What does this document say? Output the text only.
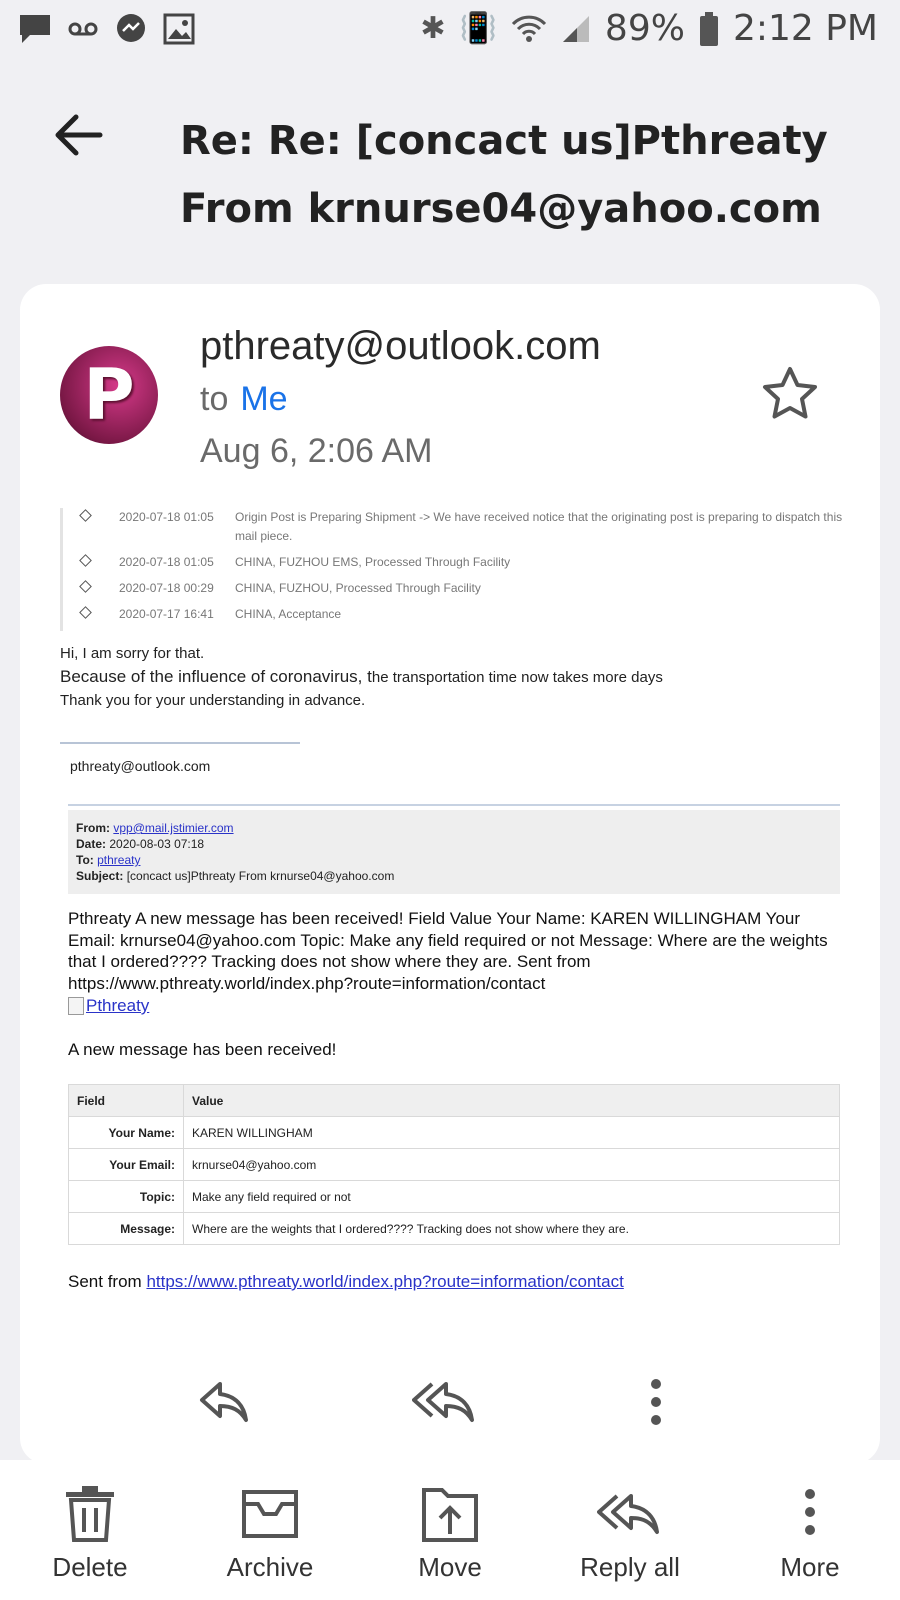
✱ 📳	89% 2:12 PM
Re: Re: [concact us]Pthreaty From krnurse04@yahoo.com
P
pthreaty@outlook.com
to Me
Aug 6, 2:06 AM
2020-07-18 01:05	Origin Post is Preparing Shipment -> We have received notice that the originating post is preparing to dispatch this mail piece.
2020-07-18 01:05	CHINA, FUZHOU EMS, Processed Through Facility
2020-07-18 00:29	CHINA, FUZHOU, Processed Through Facility
2020-07-17 16:41	CHINA, Acceptance
Hi, I am sorry for that.
Because of the influence of coronavirus, the transportation time now takes more days
Thank you for your understanding in advance.
pthreaty@outlook.com
From: vpp@mail.jstimier.com
Date: 2020-08-03 07:18
To: pthreaty
Subject: [concact us]Pthreaty From krnurse04@yahoo.com
Pthreaty A new message has been received! Field Value Your Name: KAREN WILLINGHAM Your Email: krnurse04@yahoo.com Topic: Make any field required or not Message: Where are the weights that I ordered???? Tracking does not show where they are. Sent from https://www.pthreaty.world/index.php?route=information/contact
Pthreaty
A new message has been received!
Field	Value
Your Name:	KAREN WILLINGHAM
Your Email:	krnurse04@yahoo.com
Topic:	Make any field required or not
Message:	Where are the weights that I ordered???? Tracking does not show where they are.
Sent from https://www.pthreaty.world/index.php?route=information/contact
Delete	Archive	Move	Reply all	More
